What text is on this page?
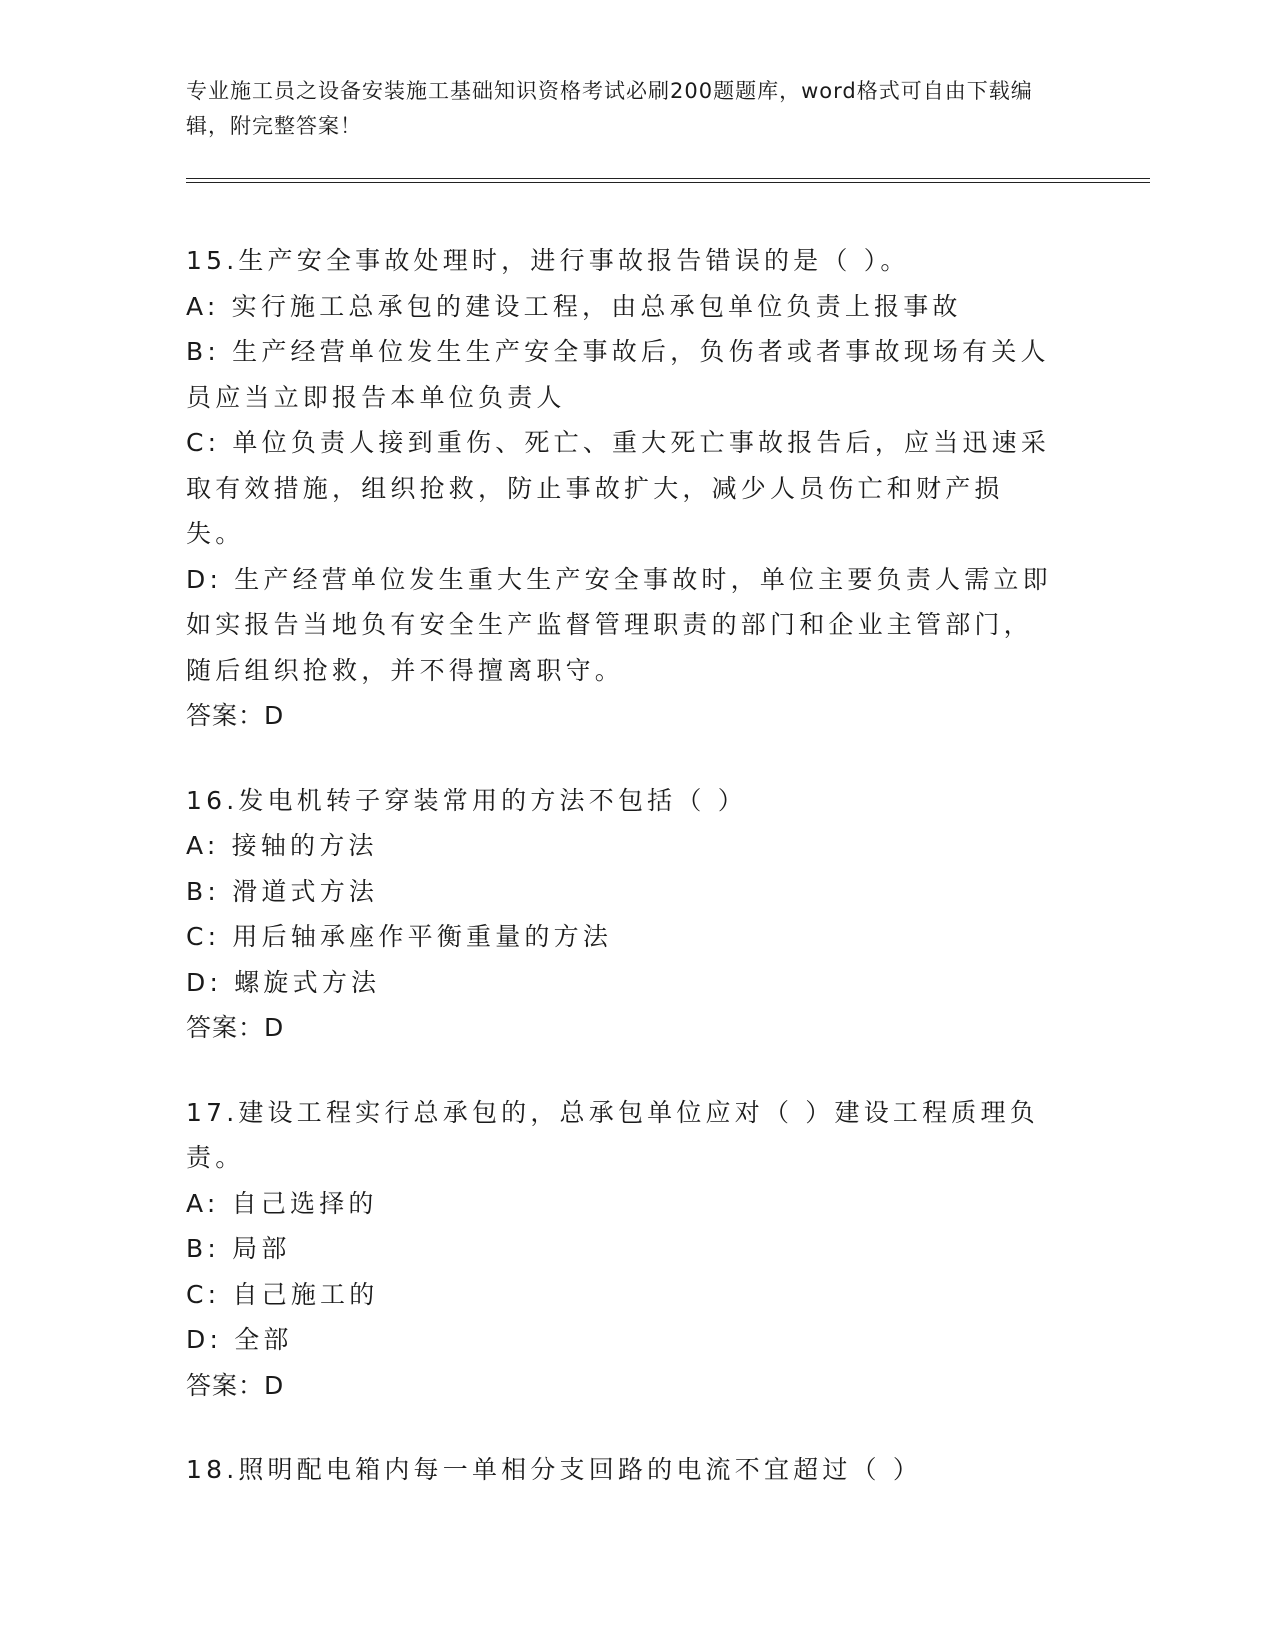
专业施工员之设备安装施工基础知识资格考试必刷200题题库，word格式可自由下载编辑，附完整答案！
15.生产安全事故处理时，进行事故报告错误的是（ ）。
A: 实行施工总承包的建设工程，由总承包单位负责上报事故
B: 生产经营单位发生生产安全事故后，负伤者或者事故现场有关人员应当立即报告本单位负责人
C: 单位负责人接到重伤、死亡、重大死亡事故报告后，应当迅速采取有效措施，组织抢救，防止事故扩大，减少人员伤亡和财产损失。
D: 生产经营单位发生重大生产安全事故时，单位主要负责人需立即如实报告当地负有安全生产监督管理职责的部门和企业主管部门，随后组织抢救，并不得擅离职守。
答案：D
16.发电机转子穿装常用的方法不包括（ ）
A: 接轴的方法
B: 滑道式方法
C: 用后轴承座作平衡重量的方法
D: 螺旋式方法
答案：D
17.建设工程实行总承包的，总承包单位应对（ ）建设工程质理负责。
A: 自己选择的
B: 局部
C: 自己施工的
D: 全部
答案：D
18.照明配电箱内每一单相分支回路的电流不宜超过（ ）
